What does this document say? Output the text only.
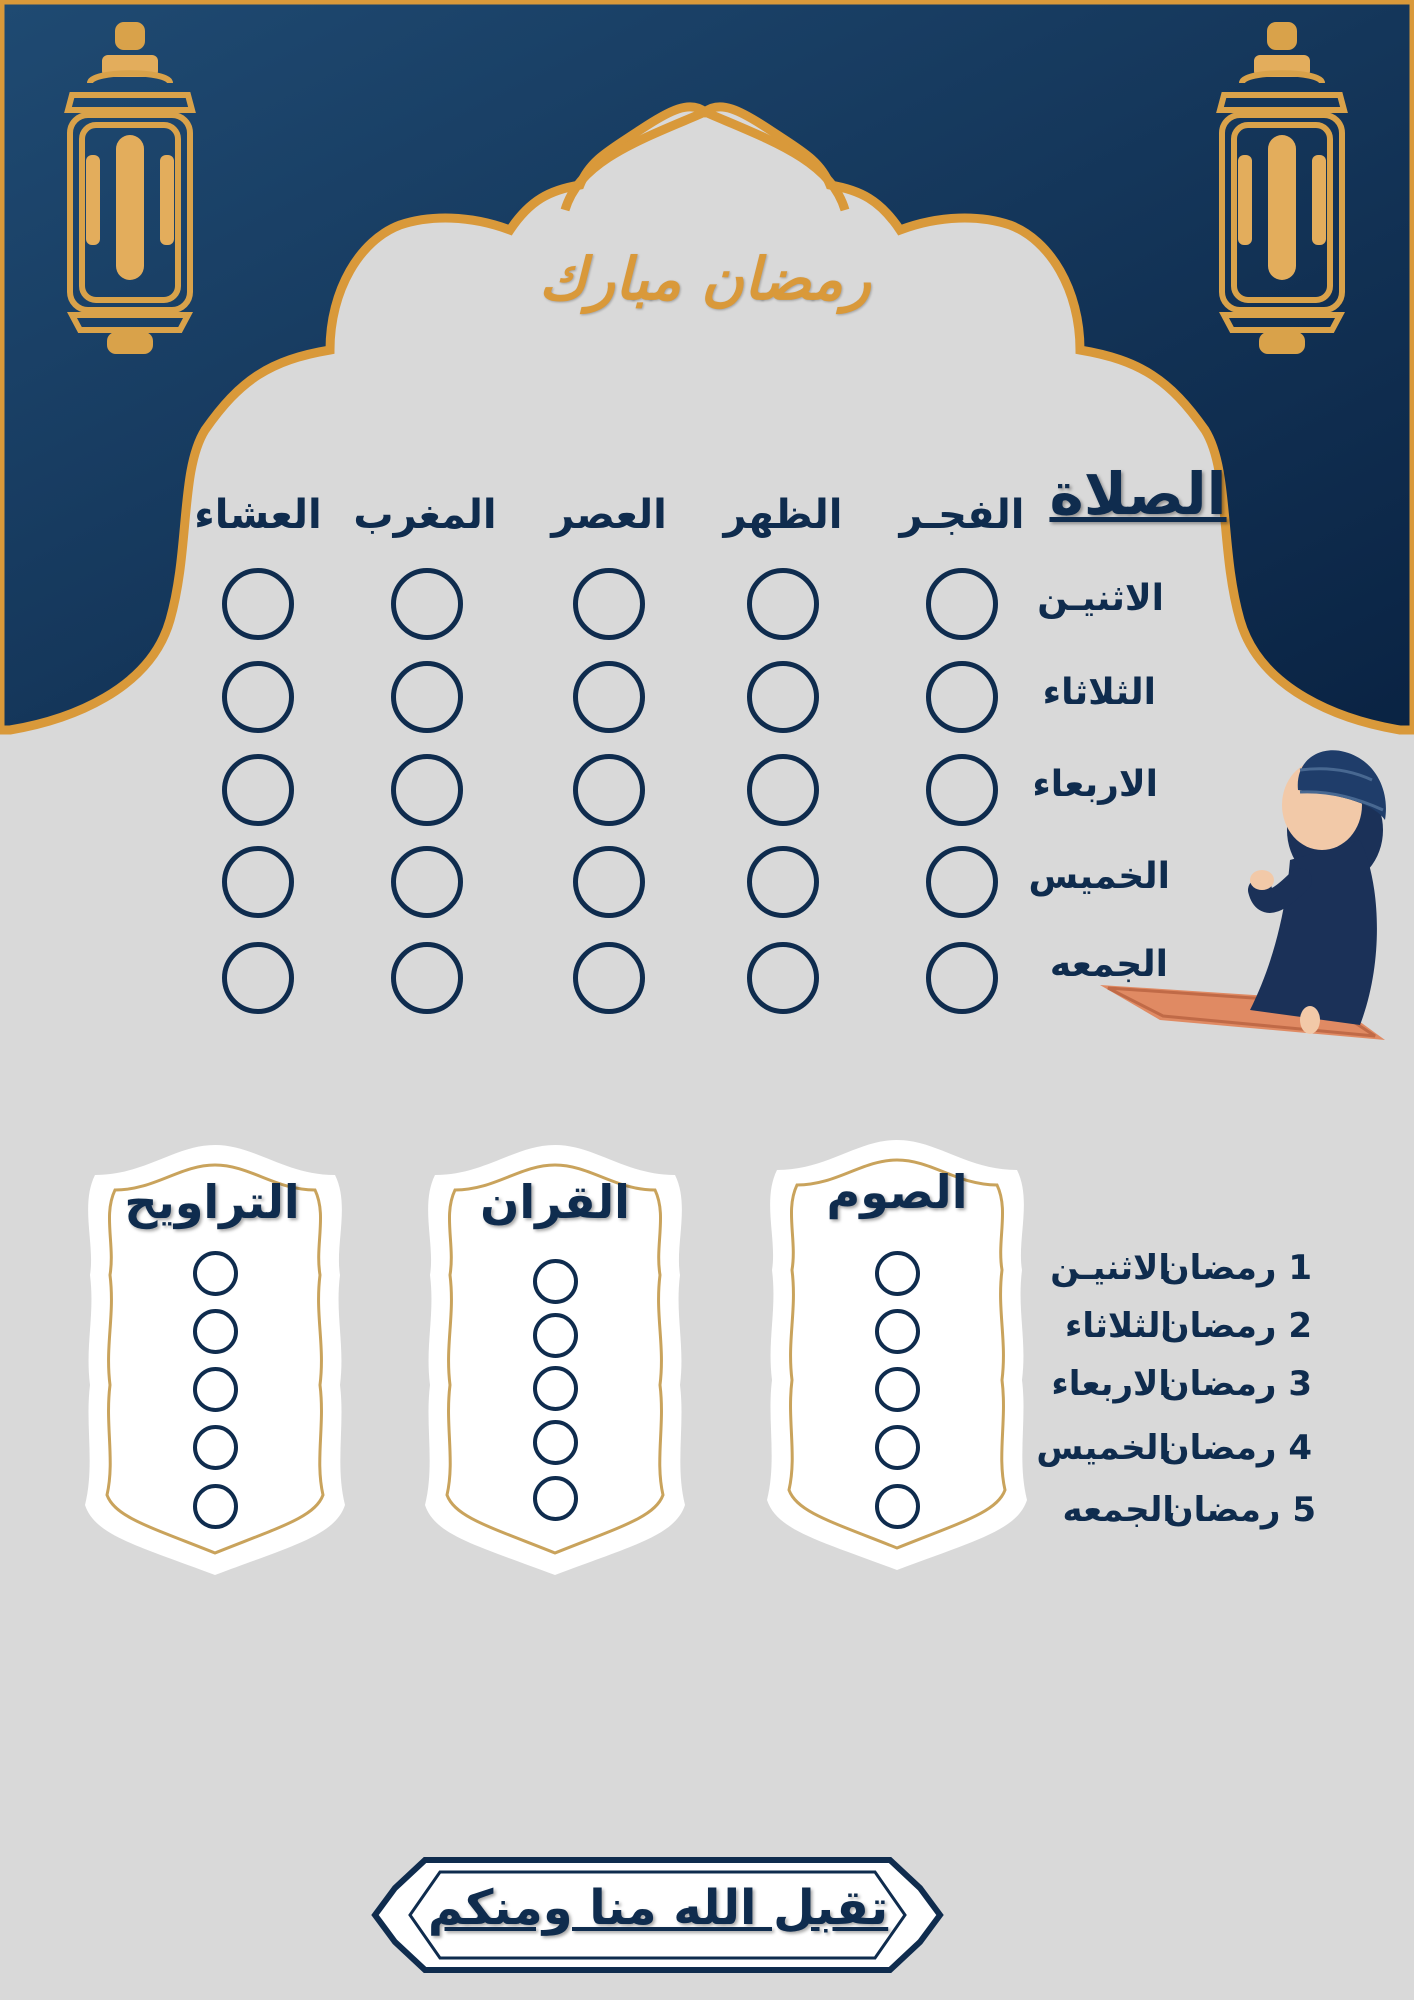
رمضان مبارك
الصلاة
الفجـر
الظهر
العصر
المغرب
العشاء
الاثنيـن
الثلاثاء
الاربعاء
الخميس
الجمعه
الصوم
القران
التراويح
1 رمضان
الاثنيـن
2 رمضان
الثلاثاء
3 رمضان
الاربعاء
4 رمضان
الخميس
5 رمضان
الجمعه
تقبل الله منا ومنكم
